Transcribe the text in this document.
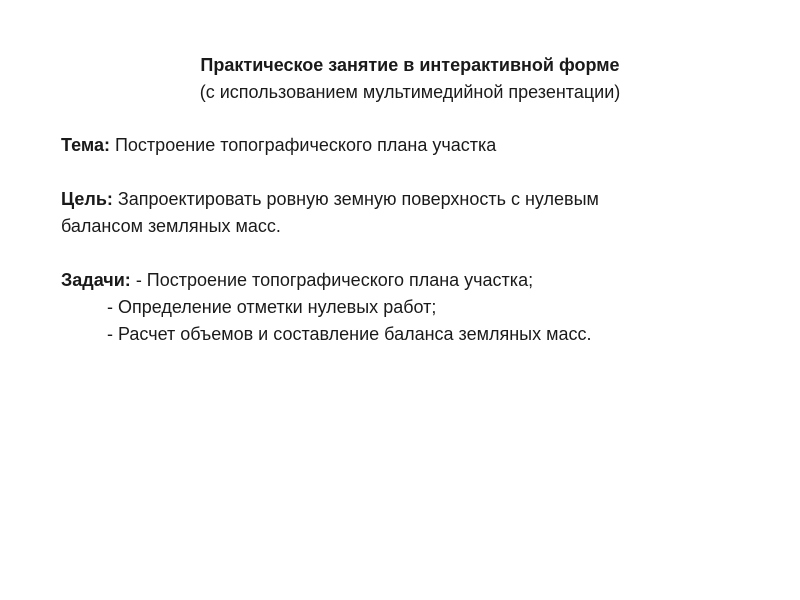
Практическое занятие в интерактивной форме
(с использованием мультимедийной презентации)
Тема: Построение топографического плана участка
Цель: Запроектировать ровную земную поверхность с нулевым
балансом земляных масс.
Задачи: - Построение топографического плана участка;
- Определение отметки нулевых работ;
- Расчет объемов и составление баланса земляных масс.
